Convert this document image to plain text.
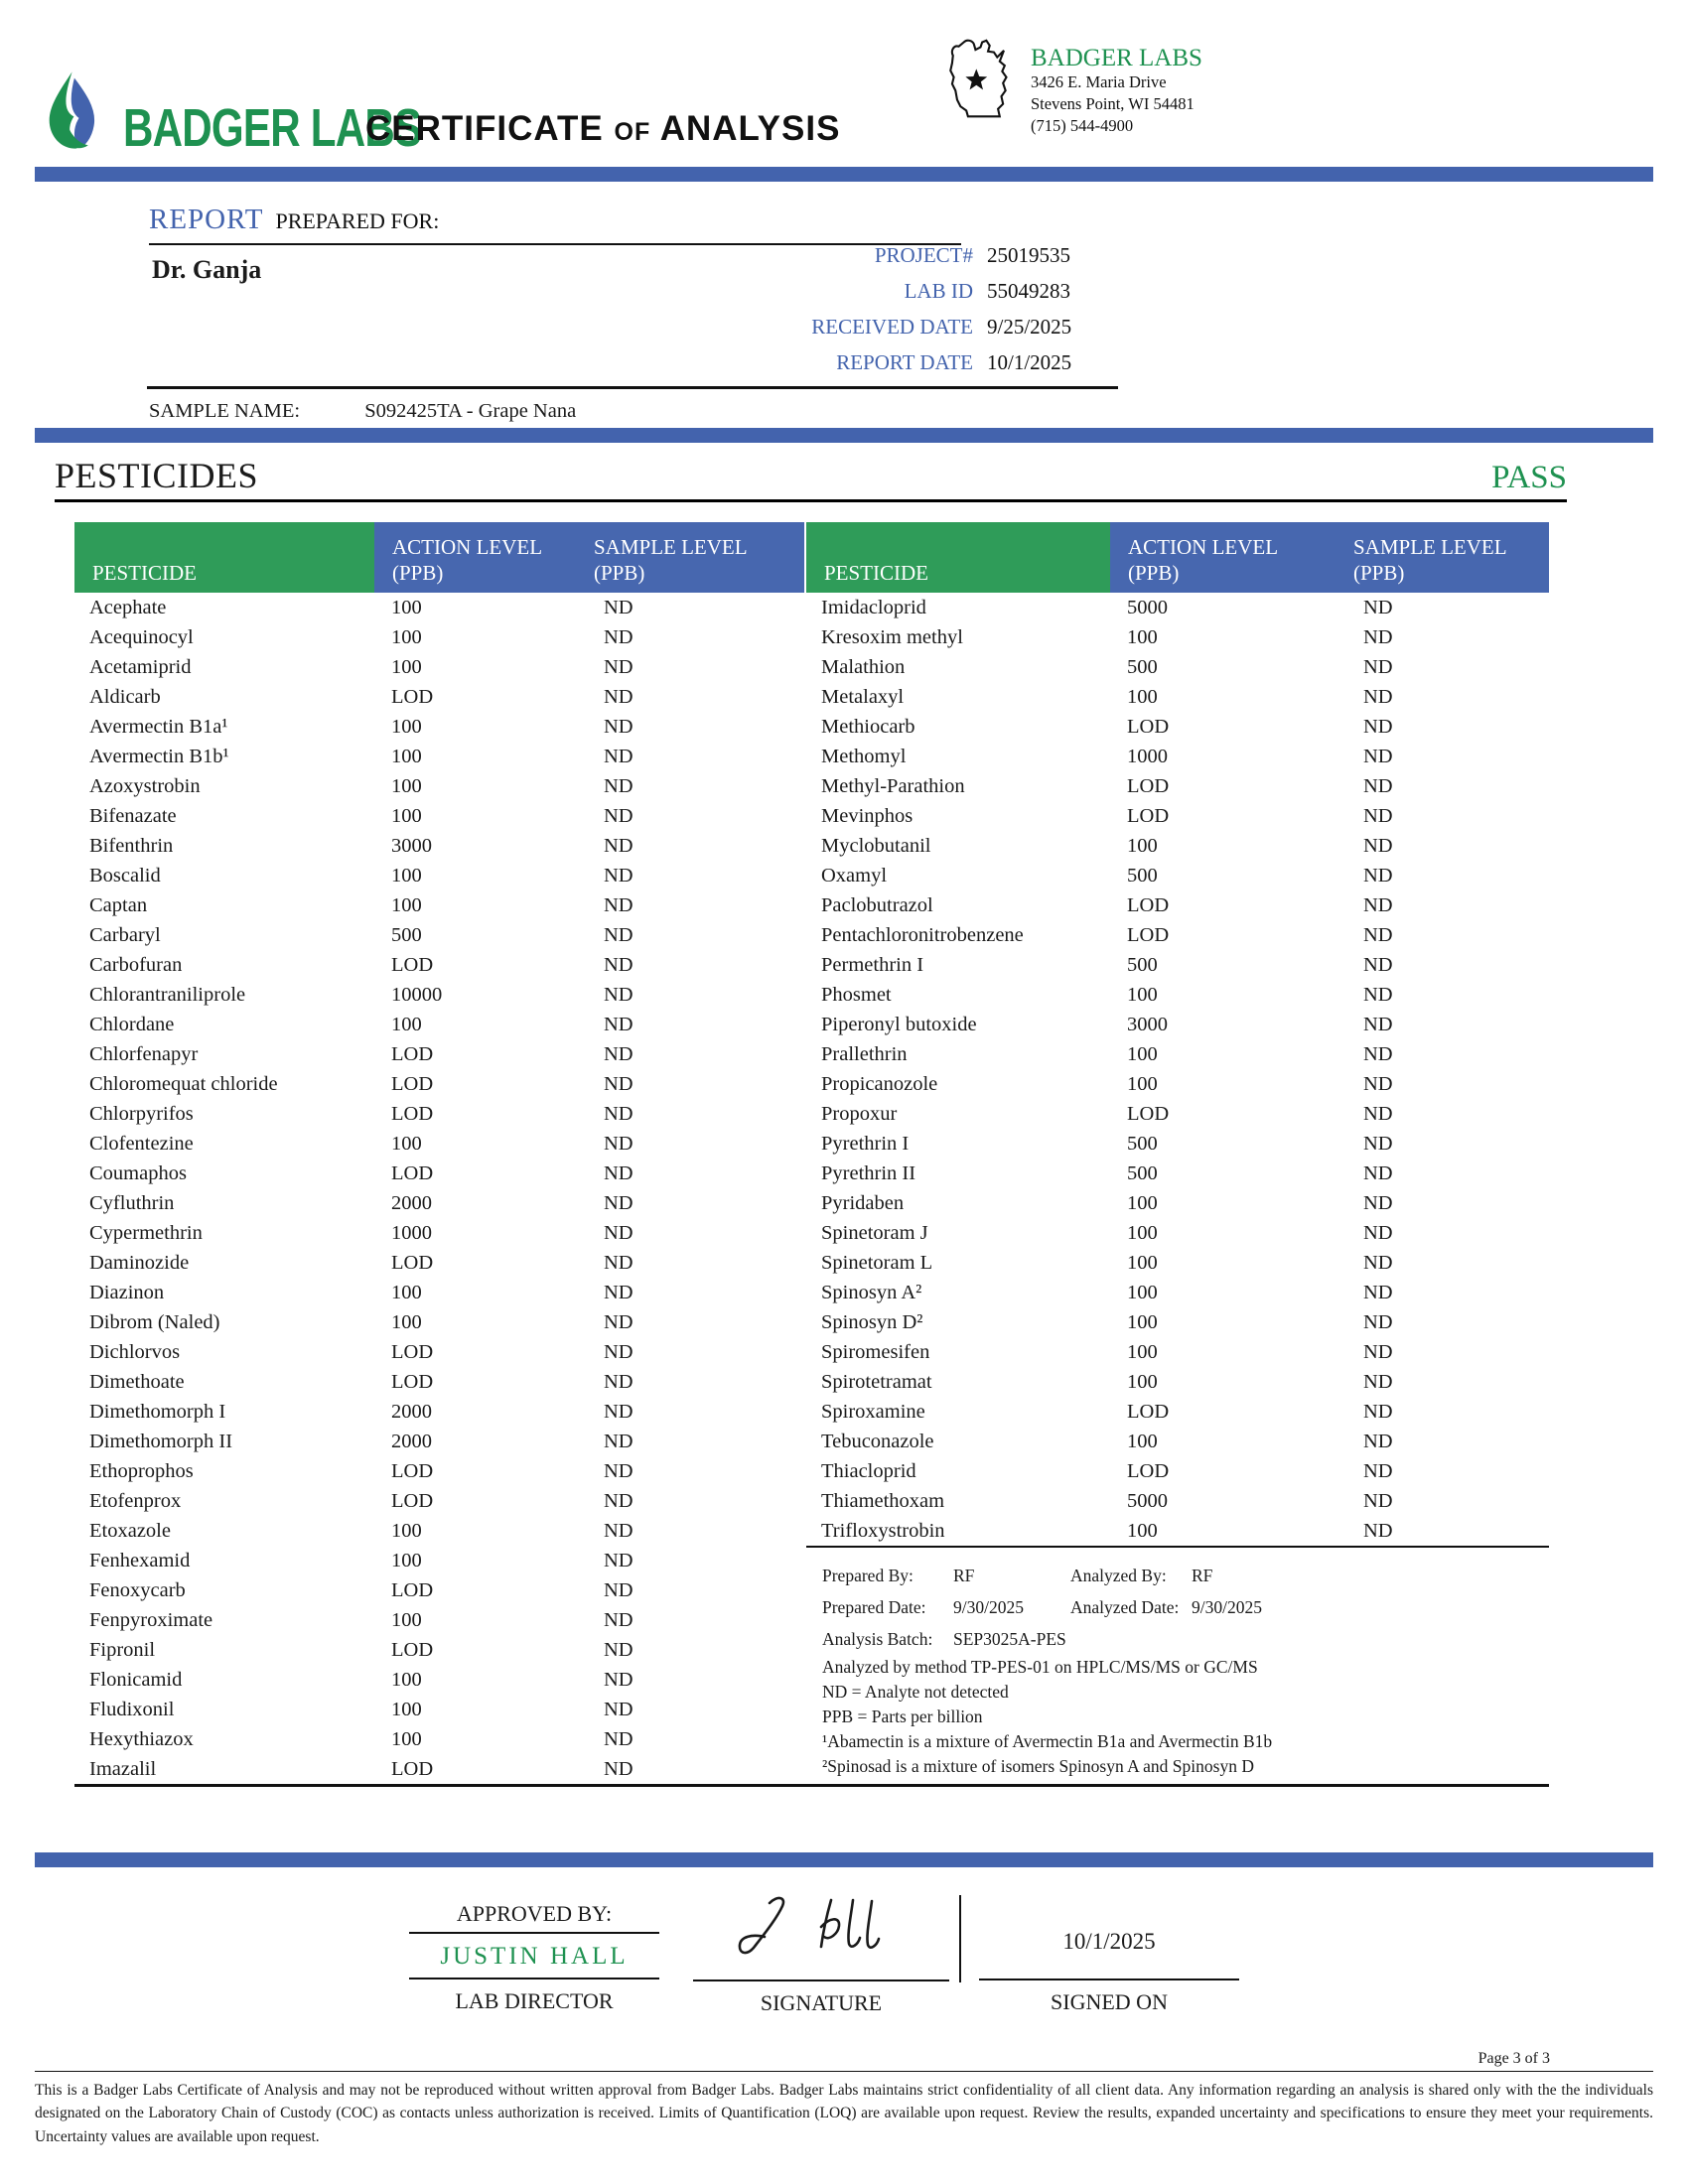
BADGER LABS
CERTIFICATE OF ANALYSIS
BADGER LABS
3426 E. Maria Drive
Stevens Point, WI 54481
(715) 544-4900
REPORT PREPARED FOR:
Dr. Ganja	PROJECT# 25019535
LAB ID 55049283
RECEIVED DATE 9/25/2025
REPORT DATE 10/1/2025
SAMPLE NAME:	S092425TA - Grape Nana
PESTICIDES	PASS
PESTICIDE

ACTION LEVEL
(PPB)

SAMPLE LEVEL
(PPB)

Acephate	100	ND
Acequinocyl	100	ND
Acetamiprid	100	ND
Aldicarb	LOD	ND
Avermectin B1a¹	100	ND
Avermectin B1b¹	100	ND
Azoxystrobin	100	ND
Bifenazate	100	ND
Bifenthrin	3000	ND
Boscalid	100	ND
Captan	100	ND
Carbaryl	500	ND
Carbofuran	LOD	ND
Chlorantraniliprole	10000	ND
Chlordane	100	ND
Chlorfenapyr	LOD	ND
Chloromequat chloride	LOD	ND
Chlorpyrifos	LOD	ND
Clofentezine	100	ND
Coumaphos	LOD	ND
Cyfluthrin	2000	ND
Cypermethrin	1000	ND
Daminozide	LOD	ND
Diazinon	100	ND
Dibrom (Naled)	100	ND
Dichlorvos	LOD	ND
Dimethoate	LOD	ND
Dimethomorph I	2000	ND
Dimethomorph II	2000	ND
Ethoprophos	LOD	ND
Etofenprox	LOD	ND
Etoxazole	100	ND
Fenhexamid	100	ND
Fenoxycarb	LOD	ND
Fenpyroximate	100	ND
Fipronil	LOD	ND
Flonicamid	100	ND
Fludixonil	100	ND
Hexythiazox	100	ND
Imazalil	LOD	ND
PESTICIDE

ACTION LEVEL
(PPB)

SAMPLE LEVEL
(PPB)

Imidacloprid	5000	ND
Kresoxim methyl	100	ND
Malathion	500	ND
Metalaxyl	100	ND
Methiocarb	LOD	ND
Methomyl	1000	ND
Methyl-Parathion	LOD	ND
Mevinphos	LOD	ND
Myclobutanil	100	ND
Oxamyl	500	ND
Paclobutrazol	LOD	ND
Pentachloronitrobenzene	LOD	ND
Permethrin I	500	ND
Phosmet	100	ND
Piperonyl butoxide	3000	ND
Prallethrin	100	ND
Propicanozole	100	ND
Propoxur	LOD	ND
Pyrethrin I	500	ND
Pyrethrin II	500	ND
Pyridaben	100	ND
Spinetoram J	100	ND
Spinetoram L	100	ND
Spinosyn A²	100	ND
Spinosyn D²	100	ND
Spiromesifen	100	ND
Spirotetramat	100	ND
Spiroxamine	LOD	ND
Tebuconazole	100	ND
Thiacloprid	LOD	ND
Thiamethoxam	5000	ND
Trifloxystrobin	100	ND
Prepared By:	RF	Analyzed By:	RF
Prepared Date:	9/30/2025	Analyzed Date: 9/30/2025
Analysis Batch:	SEP3025A-PES
Analyzed by method TP-PES-01 on HPLC/MS/MS or GC/MS
ND = Analyte not detected
PPB = Parts per billion
¹Abamectin is a mixture of Avermectin B1a and Avermectin B1b
²Spinosad is a mixture of isomers Spinosyn A and Spinosyn D
APPROVED BY:
JUSTIN HALL
LAB DIRECTOR	SIGNATURE
10/1/2025
SIGNED ON
Page 3 of 3
This is a Badger Labs Certificate of Analysis and may not be reproduced without written approval from Badger Labs. Badger Labs maintains strict confidentiality of all client data. Any information regarding an analysis is shared only with the the individuals designated on the Laboratory Chain of Custody (COC) as contacts unless authorization is received. Limits of Quantification (LOQ) are available upon request. Review the results, expanded uncertainty and specifications to ensure they meet your requirements. Uncertainty values are available upon request.
